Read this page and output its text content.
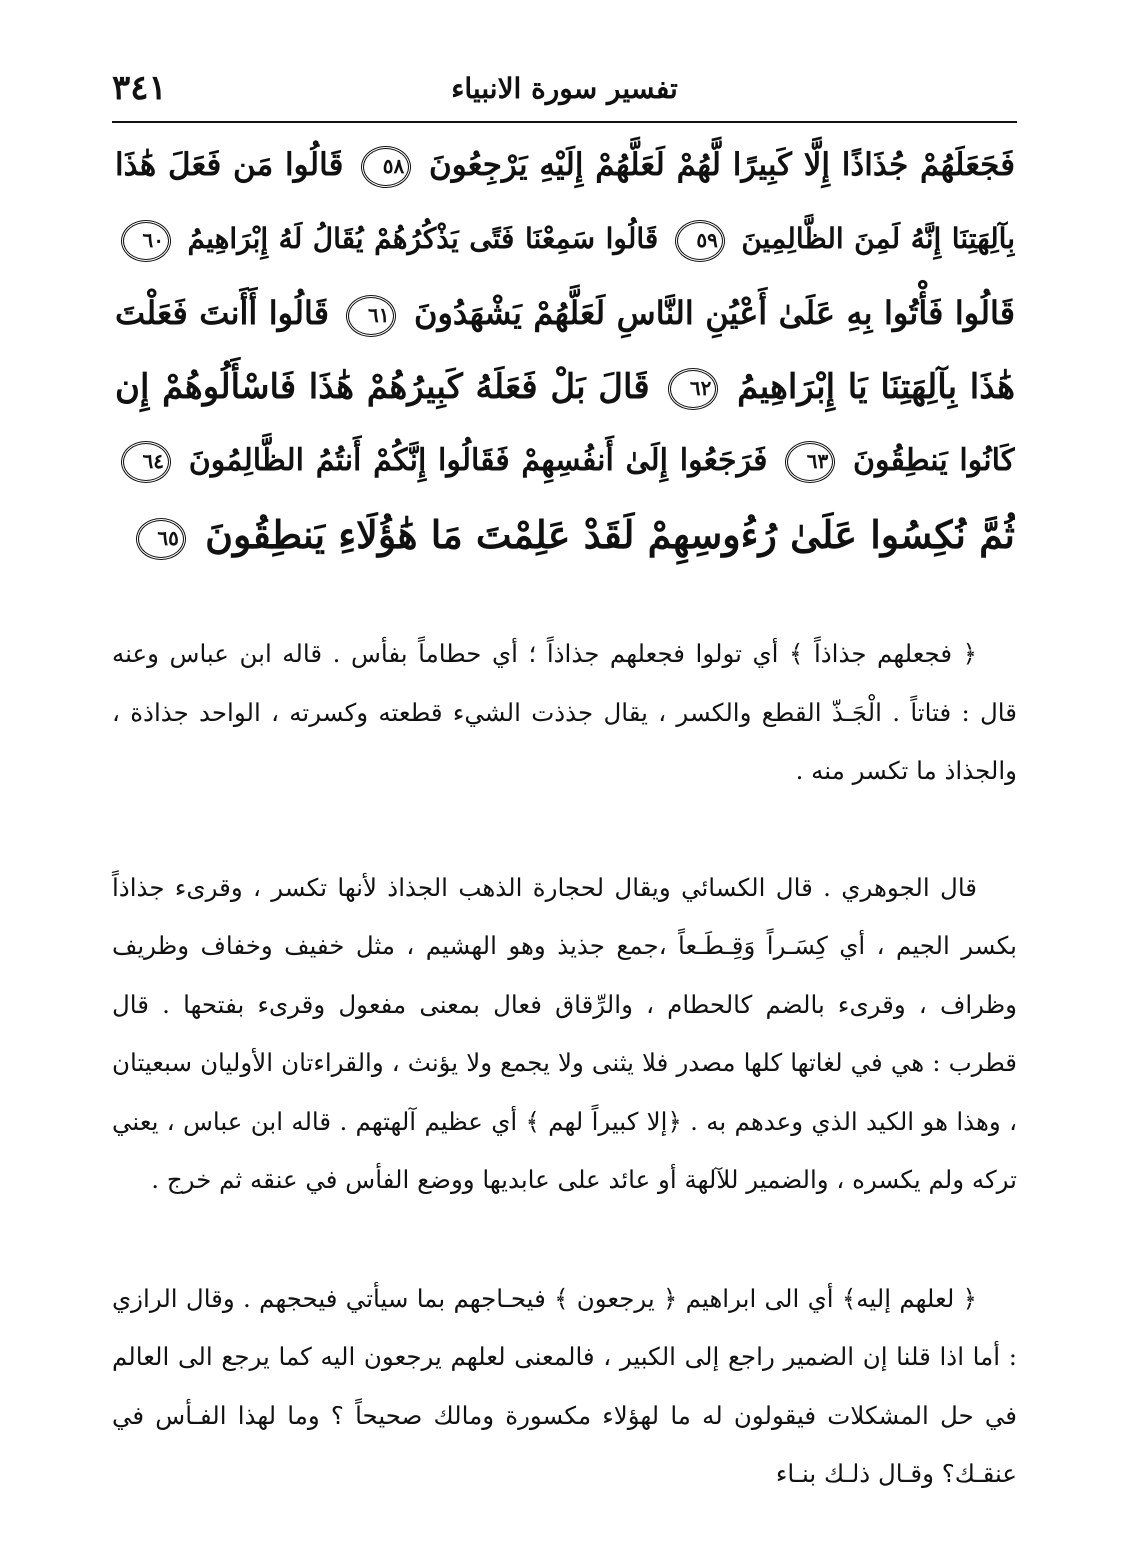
تفسير سورة الانبياء
٣٤١
فَجَعَلَهُمْ جُذَاذًا إِلَّا كَبِيرًا لَّهُمْ لَعَلَّهُمْ إِلَيْهِ يَرْجِعُونَ ٥٨ قَالُوا مَن فَعَلَ هَٰذَا
بِآلِهَتِنَا إِنَّهُ لَمِنَ الظَّالِمِينَ ٥٩ قَالُوا سَمِعْنَا فَتًى يَذْكُرُهُمْ يُقَالُ لَهُ إِبْرَاهِيمُ ٦٠
قَالُوا فَأْتُوا بِهِ عَلَىٰ أَعْيُنِ النَّاسِ لَعَلَّهُمْ يَشْهَدُونَ ٦١ قَالُوا أَأَنتَ فَعَلْتَ
هَٰذَا بِآلِهَتِنَا يَا إِبْرَاهِيمُ ٦٢ قَالَ بَلْ فَعَلَهُ كَبِيرُهُمْ هَٰذَا فَاسْأَلُوهُمْ إِن
كَانُوا يَنطِقُونَ ٦٣ فَرَجَعُوا إِلَىٰ أَنفُسِهِمْ فَقَالُوا إِنَّكُمْ أَنتُمُ الظَّالِمُونَ ٦٤
ثُمَّ نُكِسُوا عَلَىٰ رُءُوسِهِمْ لَقَدْ عَلِمْتَ مَا هَٰؤُلَاءِ يَنطِقُونَ ٦٥

﴿ فجعلهم جذاذاً ﴾ أي تولوا فجعلهم جذاذاً ؛ أي حطاماً بفأس . قاله ابن عباس وعنه قال : فتاتاً . الْجَـذّ القطع والكسر ، يقال جذذت الشيء قطعته وكسرته ، الواحد جذاذة ، والجذاذ ما تكسر منه .

قال الجوهري . قال الكسائي ويقال لحجارة الذهب الجذاذ لأنها تكسر ، وقرىء جذاذاً بكسر الجيم ، أي كِسَـراً وَقِـطَـعاً ،جمع جذيذ وهو الهشيم ، مثل خفيف وخفاف وظريف وظراف ، وقرىء بالضم كالحطام ، والرِّقاق فعال بمعنى مفعول وقرىء بفتحها . قال قطرب : هي في لغاتها كلها مصدر فلا يثنى ولا يجمع ولا يؤنث ، والقراءتان الأوليان سبعيتان ، وهذا هو الكيد الذي وعدهم به . ﴿إلا كبيراً لهم ﴾ أي عظيم آلهتهم . قاله ابن عباس ، يعني تركه ولم يكسره ، والضمير للآلهة أو عائد على عابديها ووضع الفأس في عنقه ثم خرج .

﴿ لعلهم إليه﴾ أي الى ابراهيم ﴿ يرجعون ﴾ فيحـاجهم بما سيأتي فيحجهم . وقال الرازي : أما اذا قلنا إن الضمير راجع إلى الكبير ، فالمعنى لعلهم يرجعون اليه كما يرجع الى العالم في حل المشكلات فيقولون له ما لهؤلاء مكسورة ومالك صحيحاً ؟ وما لهذا الفـأس في عنقـك؟ وقـال ذلـك بنـاء
